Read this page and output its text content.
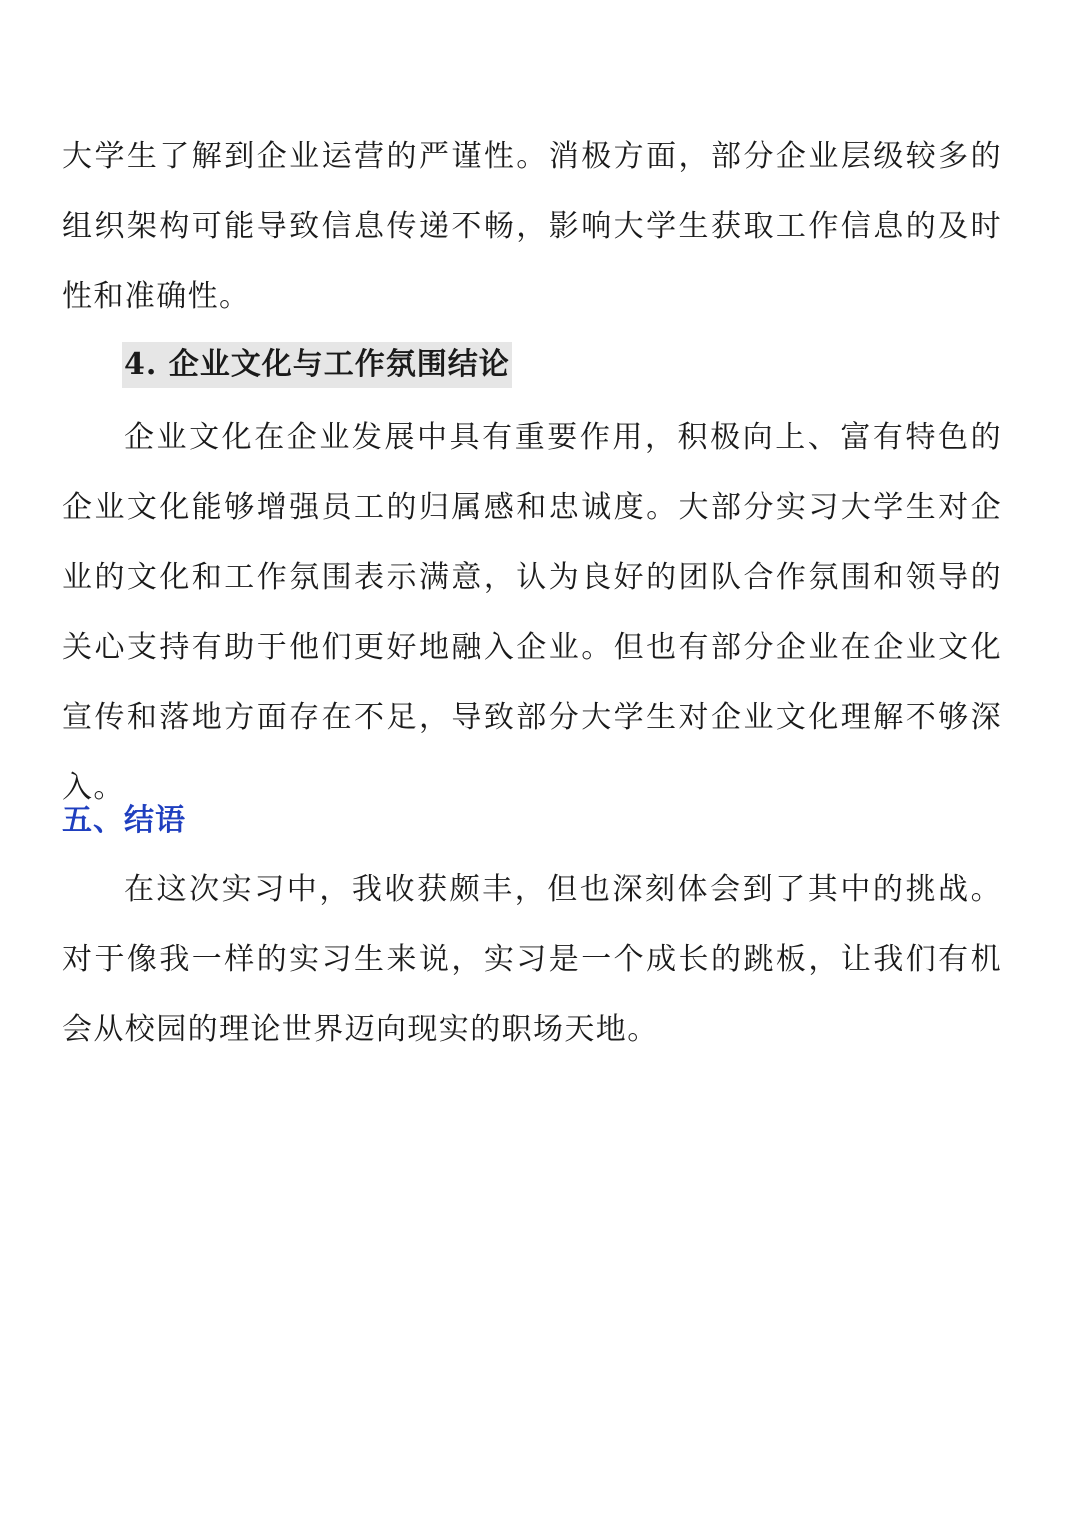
大学生了解到企业运营的严谨性。消极方面，部分企业层级较多的组织架构可能导致信息传递不畅，影响大学生获取工作信息的及时性和准确性。

4. 企业文化与工作氛围结论

企业文化在企业发展中具有重要作用，积极向上、富有特色的企业文化能够增强员工的归属感和忠诚度。大部分实习大学生对企业的文化和工作氛围表示满意，认为良好的团队合作氛围和领导的关心支持有助于他们更好地融入企业。但也有部分企业在企业文化宣传和落地方面存在不足，导致部分大学生对企业文化理解不够深入。

五、结语

在这次实习中，我收获颇丰，但也深刻体会到了其中的挑战。对于像我一样的实习生来说，实习是一个成长的跳板，让我们有机会从校园的理论世界迈向现实的职场天地。
